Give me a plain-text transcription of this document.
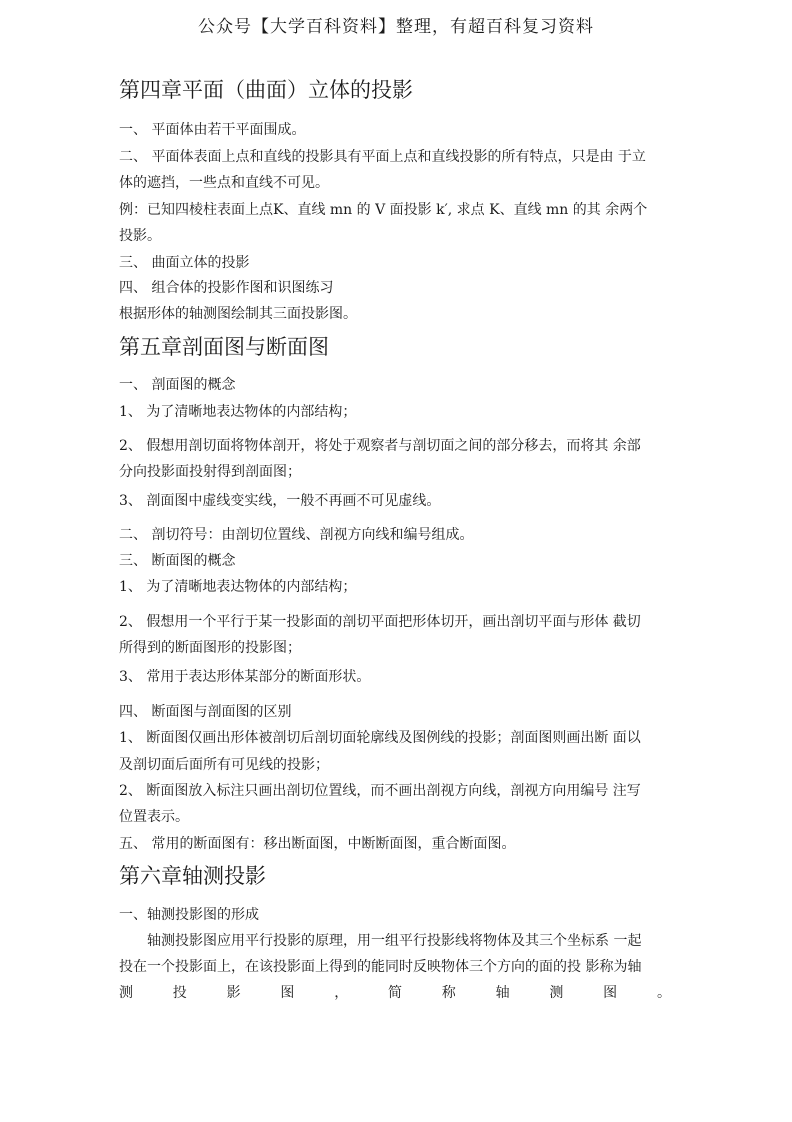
公众号【大学百科资料】整理，有超百科复习资料
第四章平面（曲面）立体的投影

一、 平面体由若干平面围成。

二、 平面体表面上点和直线的投影具有平面上点和直线投影的所有特点，只是由 于立

体的遮挡，一些点和直线不可见。

例：已知四棱柱表面上点K、直线 mn 的 V 面投影 k′, 求点 K、直线 mn 的其 余两个

投影。

三、 曲面立体的投影

四、 组合体的投影作图和识图练习

根据形体的轴测图绘制其三面投影图。

第五章剖面图与断面图

一、 剖面图的概念

1、 为了清晰地表达物体的内部结构；

2、 假想用剖切面将物体剖开，将处于观察者与剖切面之间的部分移去，而将其 余部

分向投影面投射得到剖面图；

3、 剖面图中虚线变实线，一般不再画不可见虚线。

二、 剖切符号：由剖切位置线、剖视方向线和编号组成。

三、 断面图的概念

1、 为了清晰地表达物体的内部结构；

2、 假想用一个平行于某一投影面的剖切平面把形体切开，画出剖切平面与形体 截切

所得到的断面图形的投影图；

3、 常用于表达形体某部分的断面形状。

四、 断面图与剖面图的区别

1、 断面图仅画出形体被剖切后剖切面轮廓线及图例线的投影；剖面图则画出断 面以

及剖切面后面所有可见线的投影；

2、 断面图放入标注只画出剖切位置线，而不画出剖视方向线，剖视方向用编号 注写

位置表示。

五、 常用的断面图有：移出断面图，中断断面图，重合断面图。

第六章轴测投影

一、轴测投影图的形成

轴测投影图应用平行投影的原理，用一组平行投影线将物体及其三个坐标系 一起

投在一个投影面上，在该投影面上得到的能同时反映物体三个方向的面的投 影称为轴

测	投	影	图	，	简	称	轴	测	图	。
